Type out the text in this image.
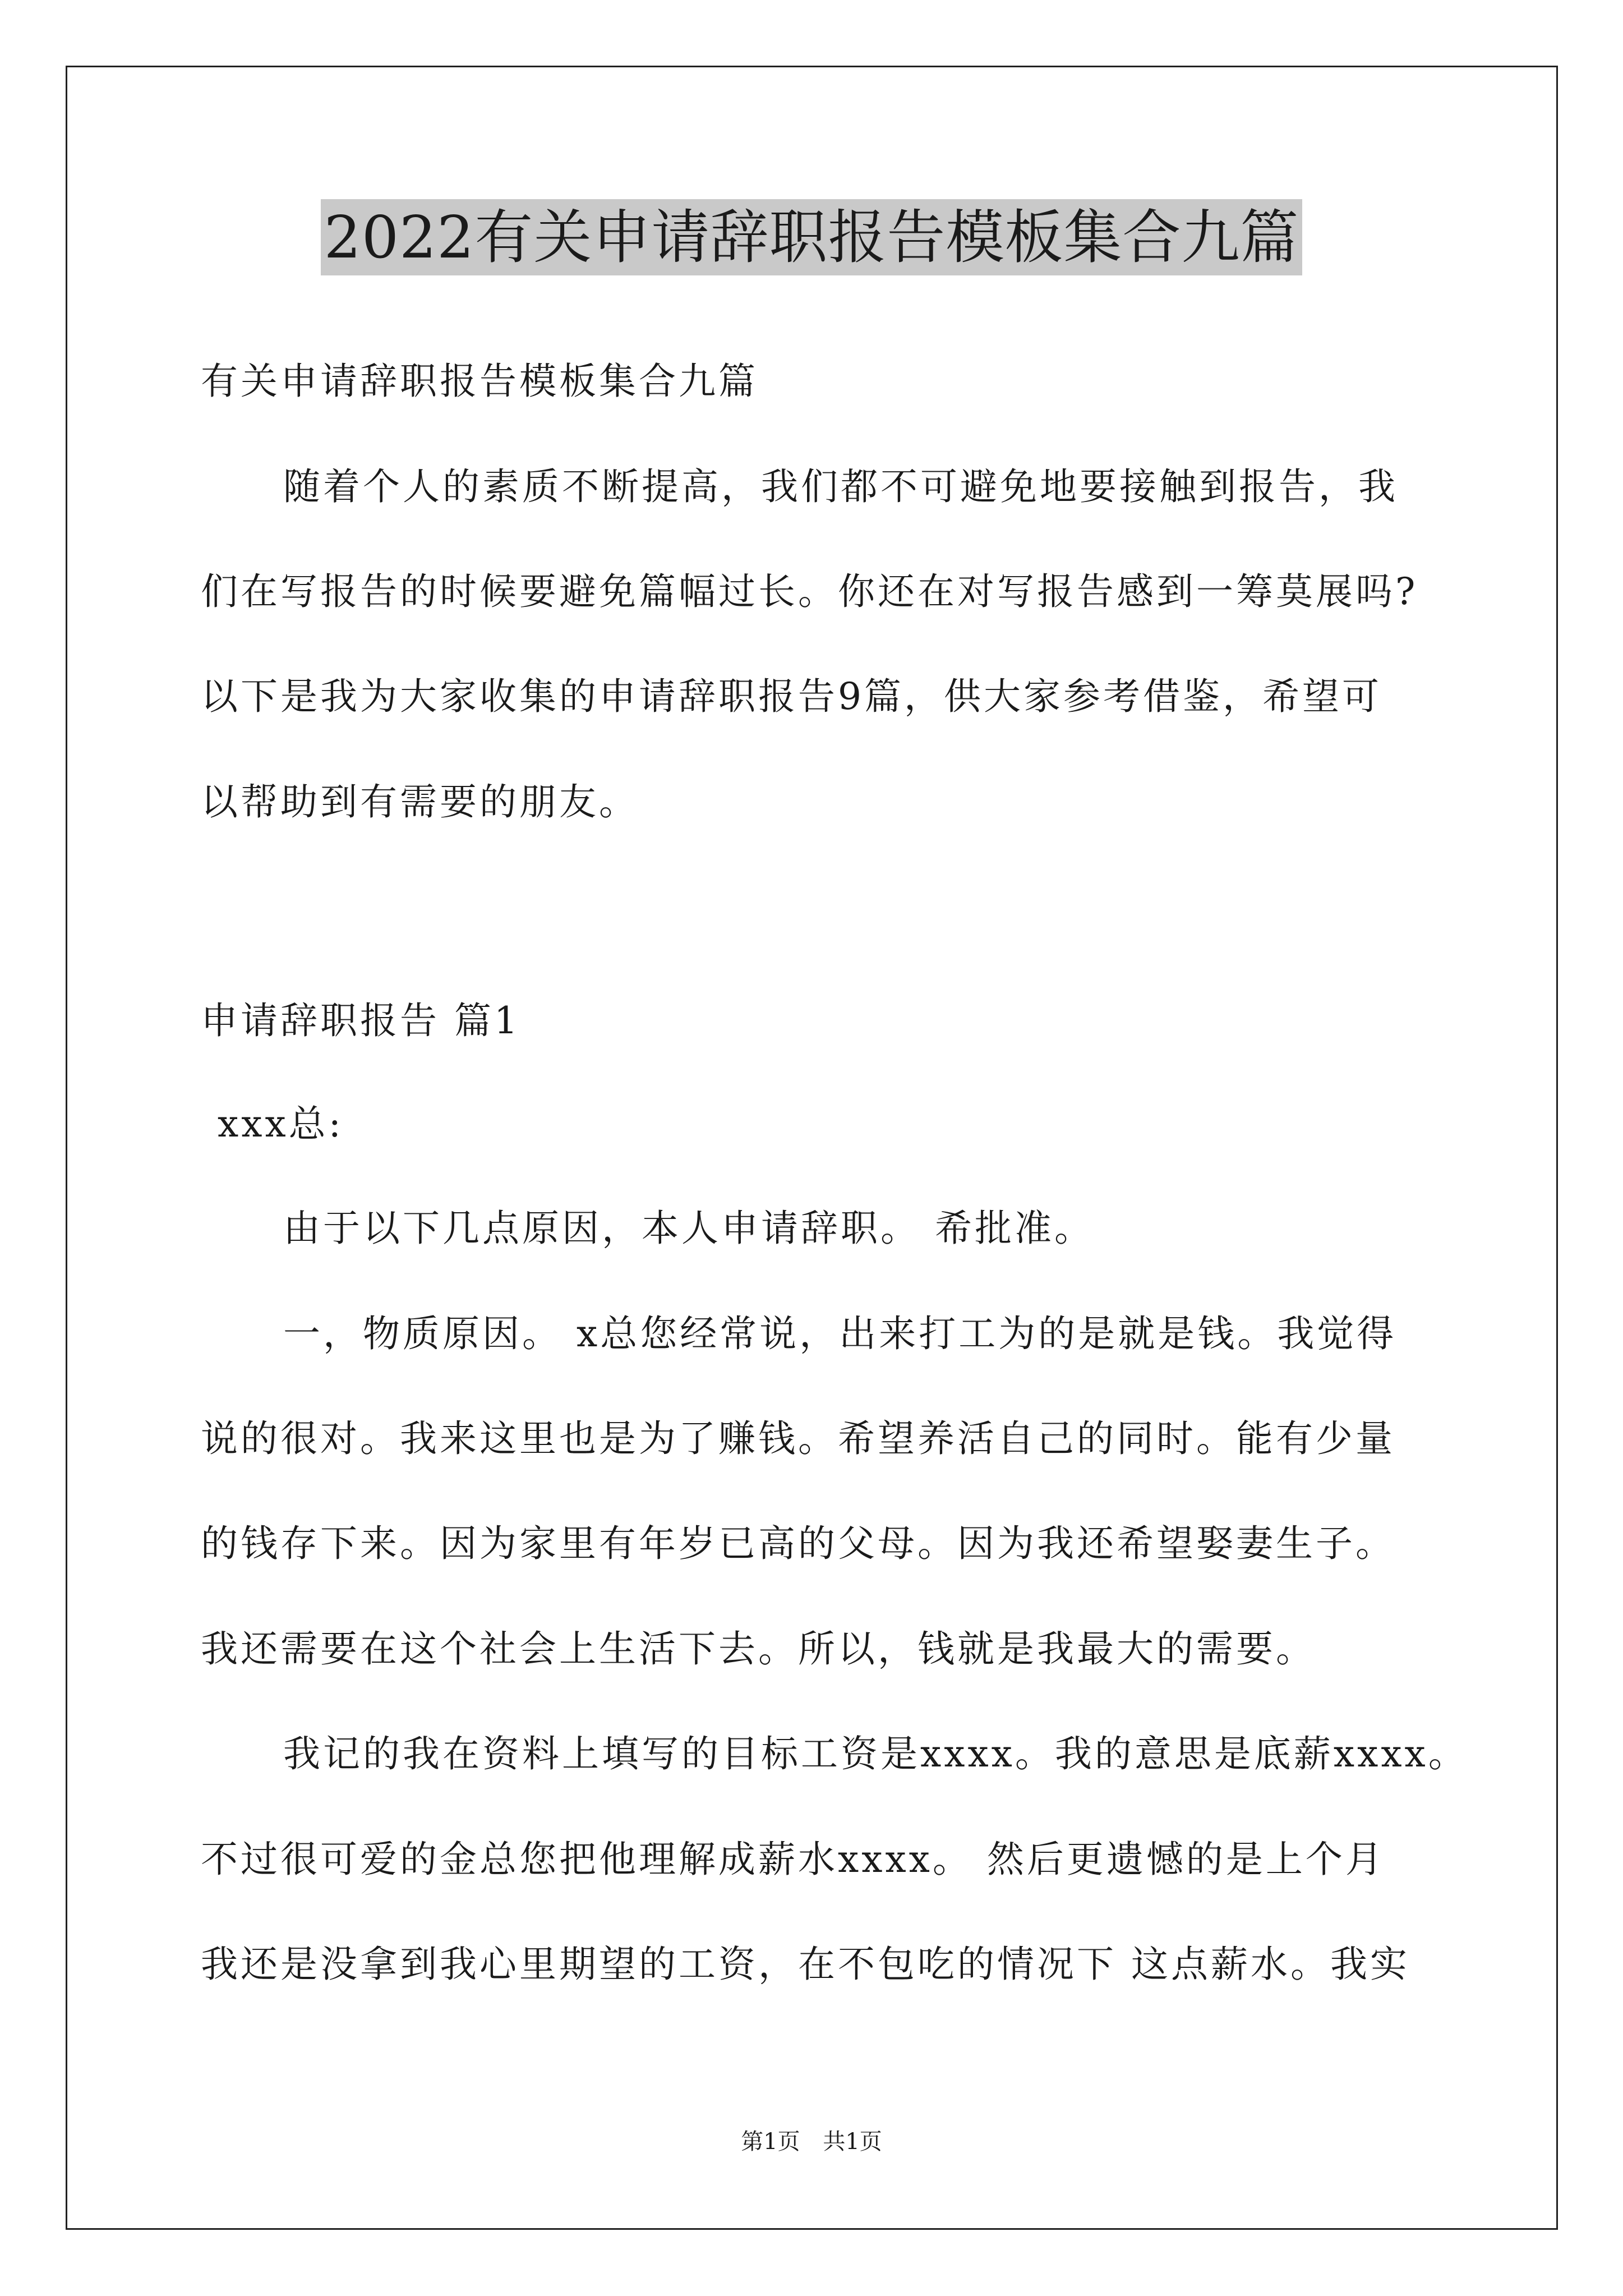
2022有关申请辞职报告模板集合九篇
有关申请辞职报告模板集合九篇
随着个人的素质不断提高，我们都不可避免地要接触到报告，我
们在写报告的时候要避免篇幅过长。你还在对写报告感到一筹莫展吗?
以下是我为大家收集的申请辞职报告9篇，供大家参考借鉴，希望可
以帮助到有需要的朋友。
申请辞职报告 篇1
xxx总:
由于以下几点原因，本人申请辞职。 希批准。
一，物质原因。 x总您经常说，出来打工为的是就是钱。我觉得
说的很对。我来这里也是为了赚钱。希望养活自己的同时。能有少量
的钱存下来。因为家里有年岁已高的父母。因为我还希望娶妻生子。
我还需要在这个社会上生活下去。所以，钱就是我最大的需要。
我记的我在资料上填写的目标工资是xxxx。我的意思是底薪xxxx。
不过很可爱的金总您把他理解成薪水xxxx。 然后更遗憾的是上个月
我还是没拿到我心里期望的工资，在不包吃的情况下 这点薪水。我实
第1页 共1页
